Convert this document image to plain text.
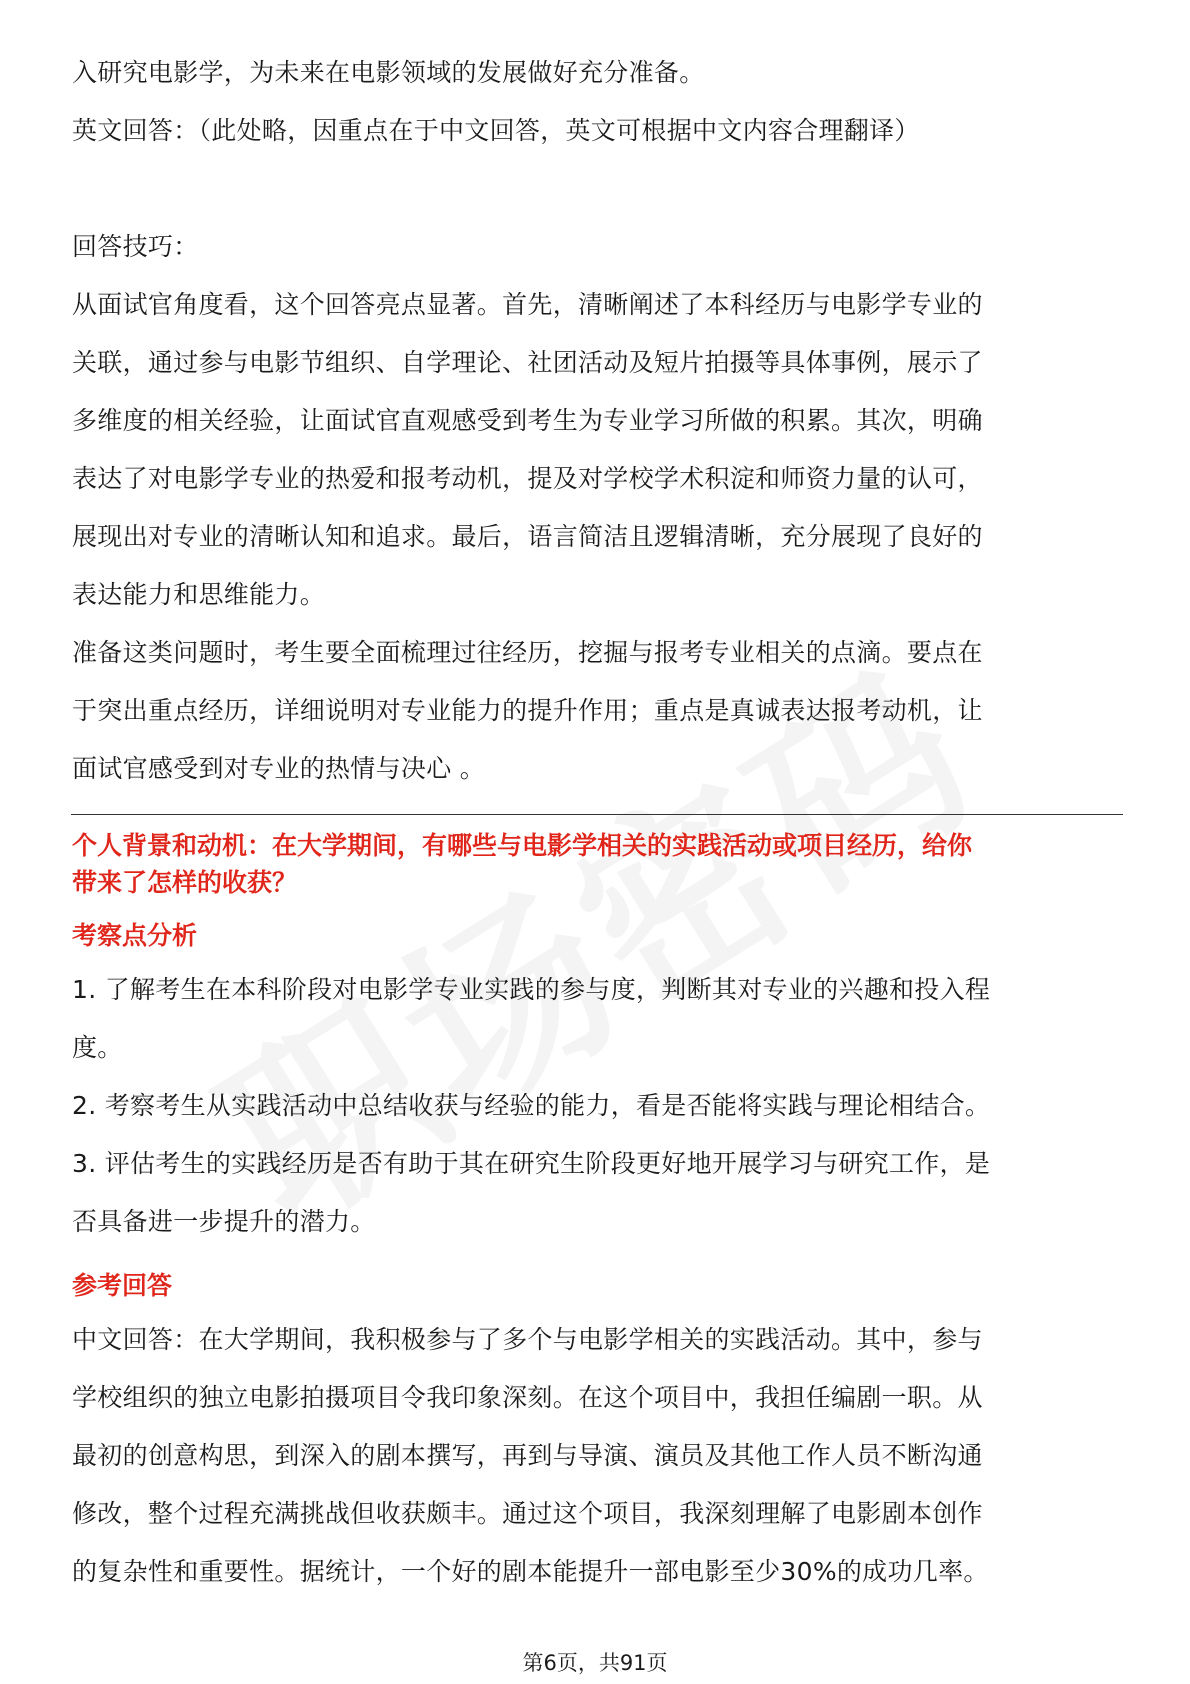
入研究电影学，为未来在电影领域的发展做好充分准备。
英文回答：（此处略，因重点在于中文回答，英文可根据中文内容合理翻译）
回答技巧：
从面试官角度看，这个回答亮点显著。首先，清晰阐述了本科经历与电影学专业的
关联，通过参与电影节组织、自学理论、社团活动及短片拍摄等具体事例，展示了
多维度的相关经验，让面试官直观感受到考生为专业学习所做的积累。其次，明确
表达了对电影学专业的热爱和报考动机，提及对学校学术积淀和师资力量的认可，
展现出对专业的清晰认知和追求。最后，语言简洁且逻辑清晰，充分展现了良好的
表达能力和思维能力。
准备这类问题时，考生要全面梳理过往经历，挖掘与报考专业相关的点滴。要点在
于突出重点经历，详细说明对专业能力的提升作用；重点是真诚表达报考动机，让
面试官感受到对专业的热情与决心 。
个人背景和动机：在大学期间，有哪些与电影学相关的实践活动或项目经历，给你
带来了怎样的收获？
考察点分析
1. 了解考生在本科阶段对电影学专业实践的参与度，判断其对专业的兴趣和投入程
度。
2. 考察考生从实践活动中总结收获与经验的能力，看是否能将实践与理论相结合。
3. 评估考生的实践经历是否有助于其在研究生阶段更好地开展学习与研究工作，是
否具备进一步提升的潜力。
参考回答
中文回答：在大学期间，我积极参与了多个与电影学相关的实践活动。其中，参与
学校组织的独立电影拍摄项目令我印象深刻。在这个项目中，我担任编剧一职。从
最初的创意构思，到深入的剧本撰写，再到与导演、演员及其他工作人员不断沟通
修改，整个过程充满挑战但收获颇丰。通过这个项目，我深刻理解了电影剧本创作
的复杂性和重要性。据统计，一个好的剧本能提升一部电影至少30%的成功几率。
第6页，共91页
